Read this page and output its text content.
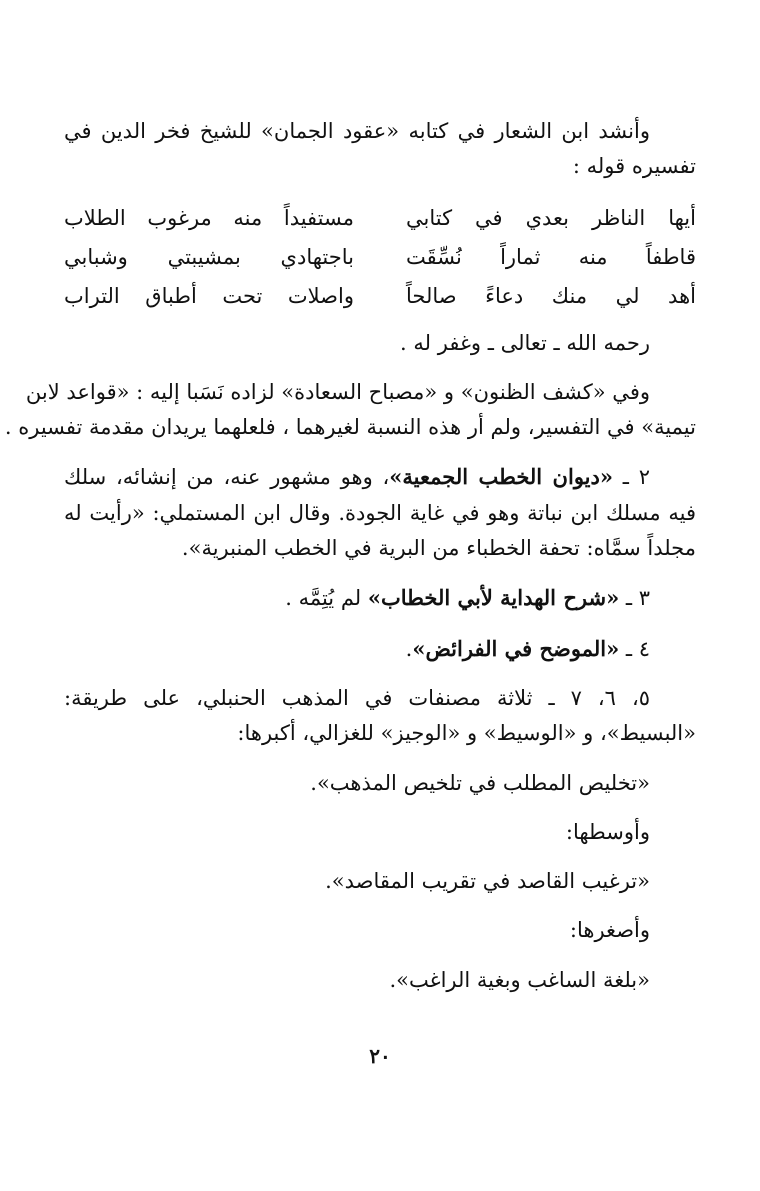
وأنشد ابن الشعار في كتابه «عقود الجمان» للشيخ فخر الدين في
تفسيره قوله :
أيها الناظر بعدي في كتابي
مستفيداً منه مرغوب الطلاب
قاطفاً منه ثماراً نُسِّقَت
باجتهادي بمشيبتي وشبابي
أهد لي منك دعاءً صالحاً
واصلات تحت أطباق التراب
رحمه الله ـ تعالى ـ وغفر له .
وفي «كشف الظنون» و «مصباح السعادة» لزاده نَسَبا إليه : «قواعد لابن
تيمية» في التفسير، ولم أر هذه النسبة لغيرهما ، فلعلهما يريدان مقدمة تفسيره .
٢ ـ «ديوان الخطب الجمعية»، وهو مشهور عنه، من إنشائه، سلك
فيه مسلك ابن نباتة وهو في غاية الجودة. وقال ابن المستملي: «رأيت له
مجلداً سمَّاه: تحفة الخطباء من البرية في الخطب المنبرية».
٣ ـ «شرح الهداية لأبي الخطاب» لم يُتِمَّه .
٤ ـ «الموضح في الفرائض».
٥، ٦، ٧ ـ ثلاثة مصنفات في المذهب الحنبلي، على طريقة:
«البسيط»، و «الوسيط» و «الوجيز» للغزالي، أكبرها:
«تخليص المطلب في تلخيص المذهب».
وأوسطها:
«ترغيب القاصد في تقريب المقاصد».
وأصغرها:
«بلغة الساغب وبغية الراغب».
٢٠
